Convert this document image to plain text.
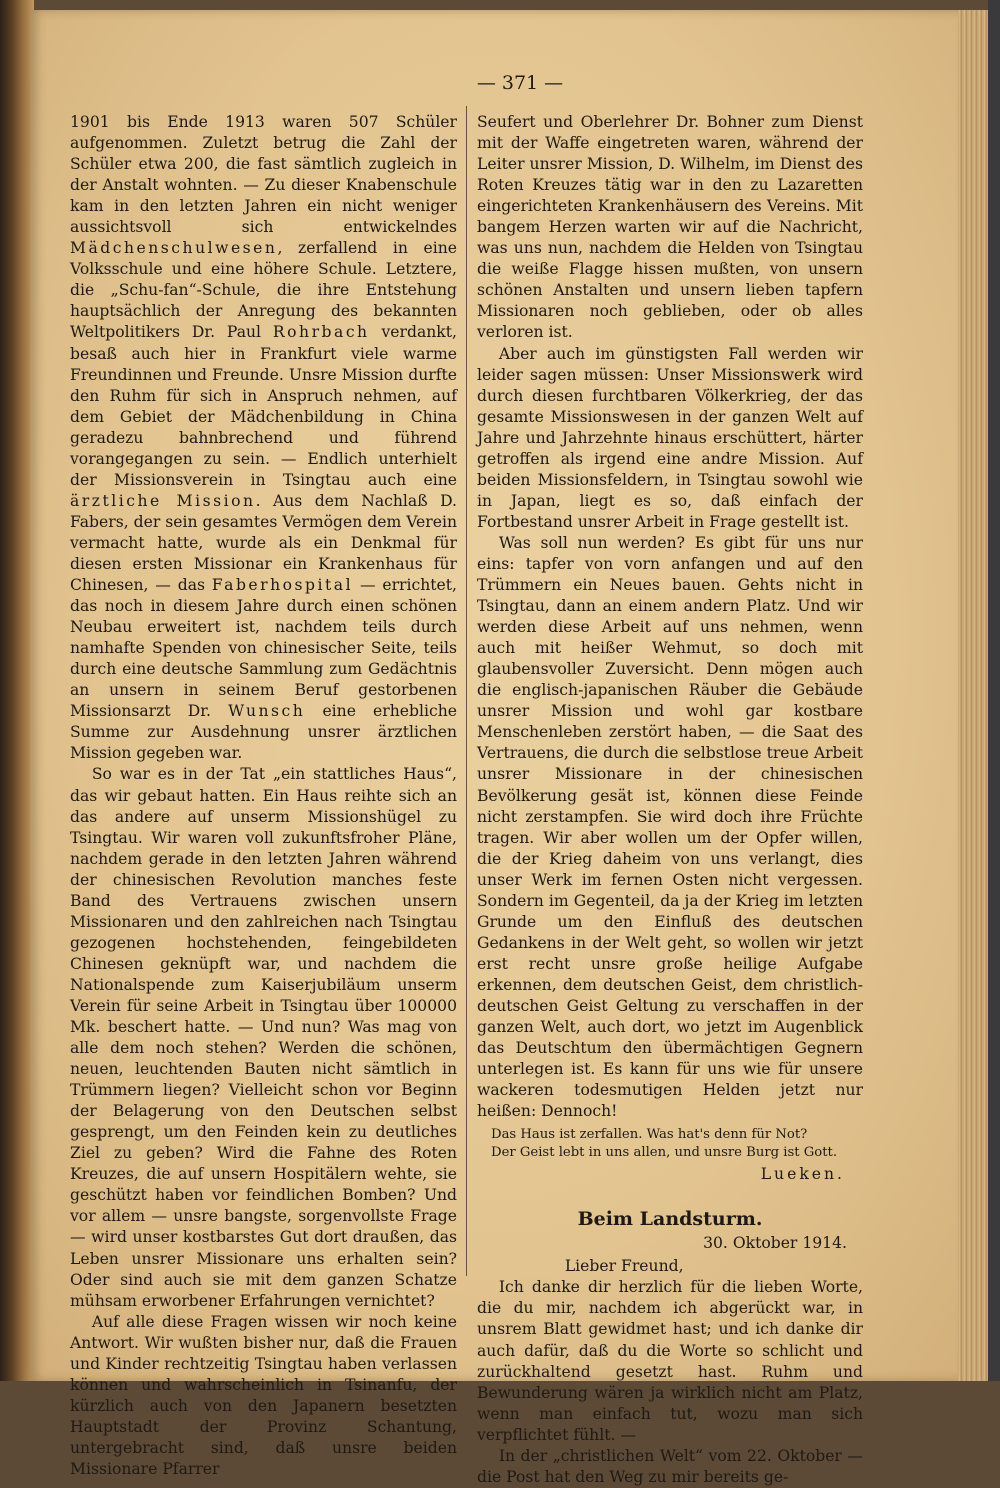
— 371 —

1901 bis Ende 1913 waren 507 Schüler aufgenommen. Zuletzt betrug die Zahl der Schüler etwa 200, die fast sämtlich zugleich in der Anstalt wohnten. — Zu dieser Knabenschule kam in den letzten Jahren ein nicht weniger aussichtsvoll sich entwickelndes Mädchenschulwesen, zerfallend in eine Volksschule und eine höhere Schule. Letztere, die „Schu-fan“-Schule, die ihre Entstehung hauptsächlich der Anregung des bekannten Weltpolitikers Dr. Paul Rohrbach verdankt, besaß auch hier in Frankfurt viele warme Freundinnen und Freunde. Unsre Mission durfte den Ruhm für sich in Anspruch nehmen, auf dem Gebiet der Mädchenbildung in China geradezu bahnbrechend und führend vorangegangen zu sein. — Endlich unterhielt der Missionsverein in Tsingtau auch eine ärztliche Mission. Aus dem Nachlaß D. Fabers, der sein gesamtes Vermögen dem Verein vermacht hatte, wurde als ein Denkmal für diesen ersten Missionar ein Krankenhaus für Chinesen, — das Faberhospital — errichtet, das noch in diesem Jahre durch einen schönen Neubau erweitert ist, nachdem teils durch namhafte Spenden von chinesischer Seite, teils durch eine deutsche Sammlung zum Gedächtnis an unsern in seinem Beruf gestorbenen Missionsarzt Dr. Wunsch eine erhebliche Summe zur Ausdehnung unsrer ärztlichen Mission gegeben war.

So war es in der Tat „ein stattliches Haus“, das wir gebaut hatten. Ein Haus reihte sich an das andere auf unserm Missionshügel zu Tsingtau. Wir waren voll zukunftsfroher Pläne, nachdem gerade in den letzten Jahren während der chinesischen Revolution manches feste Band des Vertrauens zwischen unsern Missionaren und den zahlreichen nach Tsingtau gezogenen hochstehenden, feingebildeten Chinesen geknüpft war, und nachdem die Nationalspende zum Kaiserjubiläum unserm Verein für seine Arbeit in Tsingtau über 100000 Mk. beschert hatte. — Und nun? Was mag von alle dem noch stehen? Werden die schönen, neuen, leuchtenden Bauten nicht sämtlich in Trümmern liegen? Vielleicht schon vor Beginn der Belagerung von den Deutschen selbst gesprengt, um den Feinden kein zu deutliches Ziel zu geben? Wird die Fahne des Roten Kreuzes, die auf unsern Hospitälern wehte, sie geschützt haben vor feindlichen Bomben? Und vor allem — unsre bangste, sorgenvollste Frage — wird unser kostbarstes Gut dort draußen, das Leben unsrer Missionare uns erhalten sein? Oder sind auch sie mit dem ganzen Schatze mühsam erworbener Erfahrungen vernichtet?

Auf alle diese Fragen wissen wir noch keine Antwort. Wir wußten bisher nur, daß die Frauen und Kinder rechtzeitig Tsingtau haben verlassen können und wahrscheinlich in Tsinanfu, der kürzlich auch von den Japanern besetzten Hauptstadt der Provinz Schantung, untergebracht sind, daß unsre beiden Missionare Pfarrer

Seufert und Oberlehrer Dr. Bohner zum Dienst mit der Waffe eingetreten waren, während der Leiter unsrer Mission, D. Wilhelm, im Dienst des Roten Kreuzes tätig war in den zu Lazaretten eingerichteten Krankenhäusern des Vereins. Mit bangem Herzen warten wir auf die Nachricht, was uns nun, nachdem die Helden von Tsingtau die weiße Flagge hissen mußten, von unsern schönen Anstalten und unsern lieben tapfern Missionaren noch geblieben, oder ob alles verloren ist.

Aber auch im günstigsten Fall werden wir leider sagen müssen: Unser Missionswerk wird durch diesen furchtbaren Völkerkrieg, der das gesamte Missionswesen in der ganzen Welt auf Jahre und Jahrzehnte hinaus erschüttert, härter getroffen als irgend eine andre Mission. Auf beiden Missionsfeldern, in Tsingtau sowohl wie in Japan, liegt es so, daß einfach der Fortbestand unsrer Arbeit in Frage gestellt ist.

Was soll nun werden? Es gibt für uns nur eins: tapfer von vorn anfangen und auf den Trümmern ein Neues bauen. Gehts nicht in Tsingtau, dann an einem andern Platz. Und wir werden diese Arbeit auf uns nehmen, wenn auch mit heißer Wehmut, so doch mit glaubensvoller Zuversicht. Denn mögen auch die englisch-japanischen Räuber die Gebäude unsrer Mission und wohl gar kostbare Menschenleben zerstört haben, — die Saat des Vertrauens, die durch die selbstlose treue Arbeit unsrer Missionare in der chinesischen Bevölkerung gesät ist, können diese Feinde nicht zerstampfen. Sie wird doch ihre Früchte tragen. Wir aber wollen um der Opfer willen, die der Krieg daheim von uns verlangt, dies unser Werk im fernen Osten nicht vergessen. Sondern im Gegenteil, da ja der Krieg im letzten Grunde um den Einfluß des deutschen Gedankens in der Welt geht, so wollen wir jetzt erst recht unsre große heilige Aufgabe erkennen, dem deutschen Geist, dem christlich-deutschen Geist Geltung zu verschaffen in der ganzen Welt, auch dort, wo jetzt im Augenblick das Deutschtum den übermächtigen Gegnern unterlegen ist. Es kann für uns wie für unsere wackeren todesmutigen Helden jetzt nur heißen: Dennoch!

Das Haus ist zerfallen. Was hat's denn für Not?
Der Geist lebt in uns allen, und unsre Burg ist Gott.
Lueken.
Beim Landsturm.
30. Oktober 1914.

Lieber Freund,

Ich danke dir herzlich für die lieben Worte, die du mir, nachdem ich abgerückt war, in unsrem Blatt gewidmet hast; und ich danke dir auch dafür, daß du die Worte so schlicht und zurückhaltend gesetzt hast. Ruhm und Bewunderung wären ja wirklich nicht am Platz, wenn man einfach tut, wozu man sich verpflichtet fühlt. —

In der „christlichen Welt“ vom 22. Oktober — die Post hat den Weg zu mir bereits ge-
